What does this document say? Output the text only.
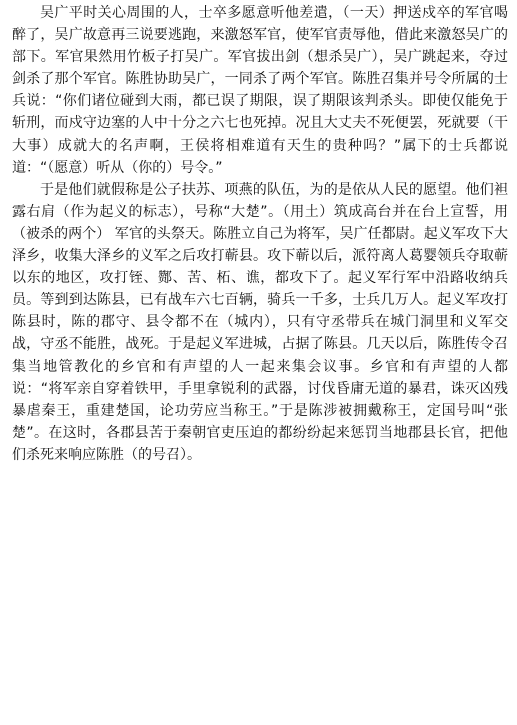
吴广平时关心周围的人，士卒多愿意听他差遣，（一天）押送戍卒的军官喝醉了，吴广故意再三说要逃跑，来激怒军官，使军官责辱他，借此来激怒吴广的部下。军官果然用竹板子打吴广。军官拔出剑（想杀吴广），吴广跳起来，夺过剑杀了那个军官。陈胜协助吴广，一同杀了两个军官。陈胜召集并号令所属的士兵说：“你们诸位碰到大雨，都已误了期限，误了期限该判杀头。即使仅能免于斩刑，而戍守边塞的人中十分之六七也死掉。况且大丈夫不死便罢，死就要（干大事）成就大的名声啊，王侯将相难道有天生的贵种吗？”属下的士兵都说道：“（愿意）听从（你的）号令。”

于是他们就假称是公子扶苏、项燕的队伍，为的是依从人民的愿望。他们袒露右肩（作为起义的标志），号称“大楚”。（用土）筑成高台并在台上宣誓，用（被杀的两个） 军官的头祭天。陈胜立自己为将军，吴广任都尉。起义军攻下大泽乡，收集大泽乡的义军之后攻打蕲县。攻下蕲以后，派符离人葛婴领兵夺取蕲以东的地区，攻打铚、酂、苦、柘、谯，都攻下了。起义军行军中沿路收纳兵员。等到到达陈县，已有战车六七百辆，骑兵一千多，士兵几万人。起义军攻打陈县时，陈的郡守、县令都不在（城内），只有守丞带兵在城门洞里和义军交战，守丞不能胜，战死。于是起义军进城，占据了陈县。几天以后，陈胜传令召集当地管教化的乡官和有声望的人一起来集会议事。乡官和有声望的人都说：“将军亲自穿着铁甲，手里拿锐利的武器，讨伐昏庸无道的暴君，诛灭凶残暴虐秦王，重建楚国，论功劳应当称王。”于是陈涉被拥戴称王，定国号叫“张楚”。在这时，各郡县苦于秦朝官吏压迫的都纷纷起来惩罚当地郡县长官，把他们杀死来响应陈胜（的号召）。
